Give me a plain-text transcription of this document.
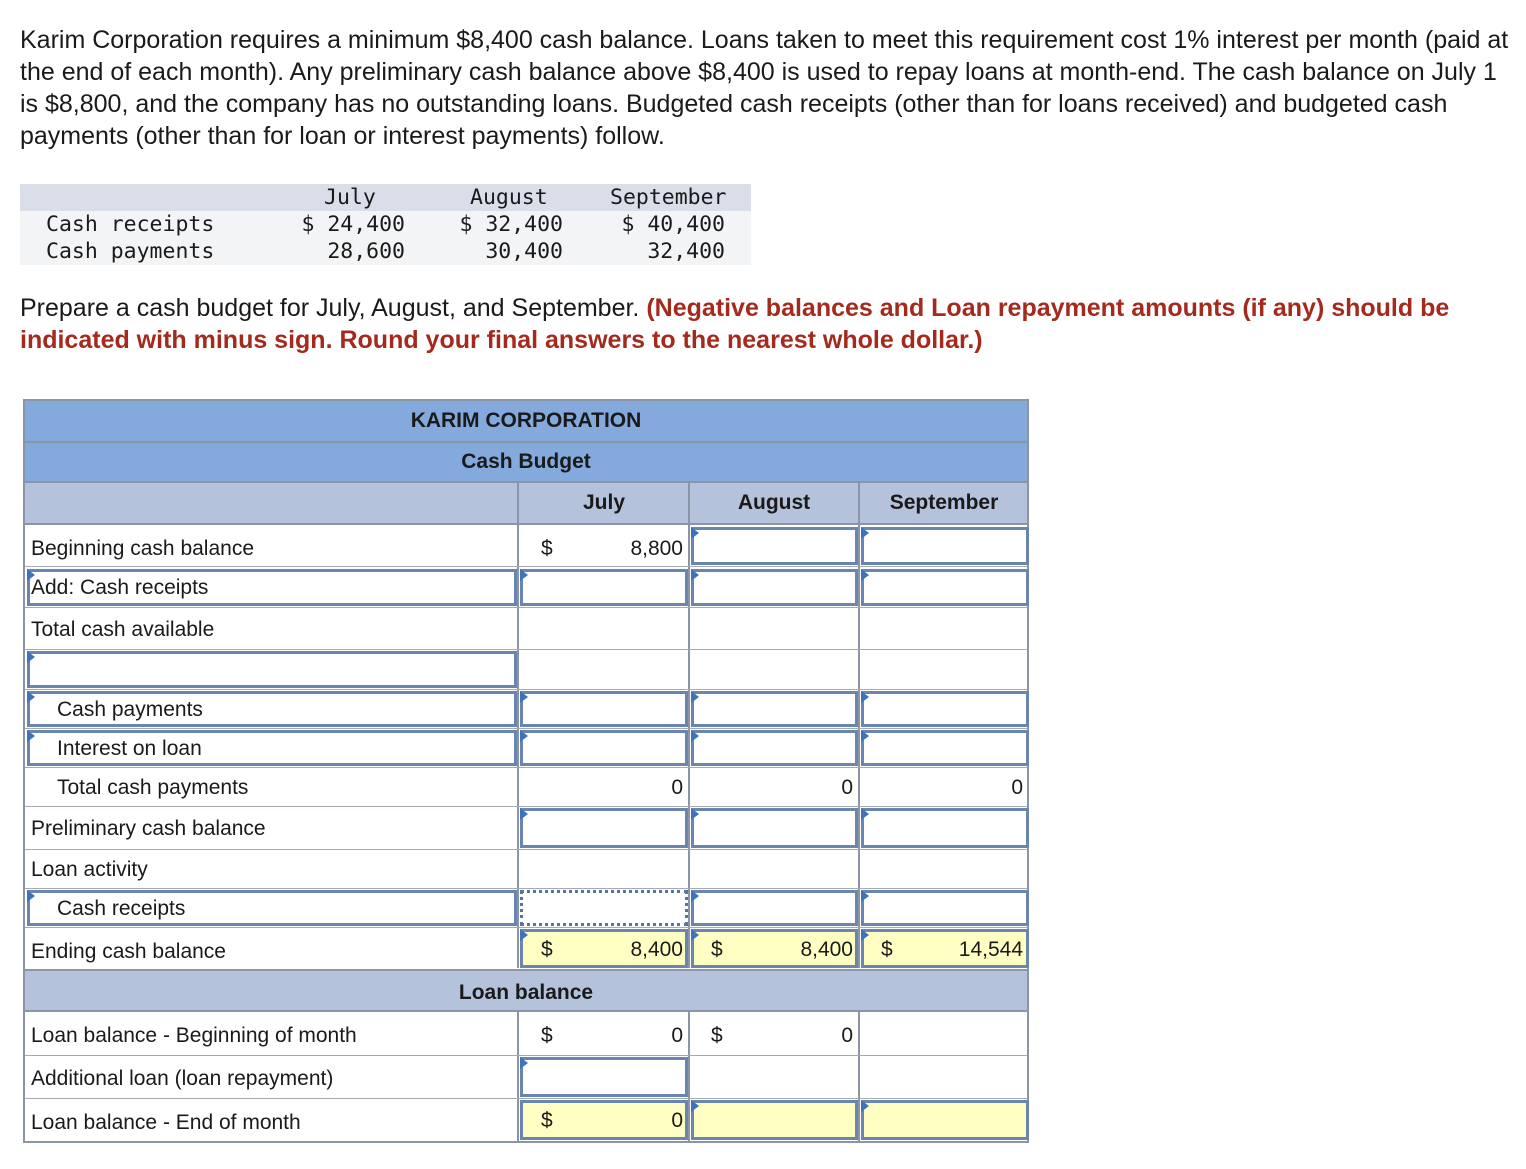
Karim Corporation requires a minimum $8,400 cash balance. Loans taken to meet this requirement cost 1% interest per month (paid at the end of each month). Any preliminary cash balance above $8,400 is used to repay loans at month-end. The cash balance on July 1 is $8,800, and the company has no outstanding loans. Budgeted cash receipts (other than for loans received) and budgeted cash payments (other than for loan or interest payments) follow.

July	August	September
Cash receipts	$ 24,400	$ 32,400	$ 40,400
Cash payments	28,600	30,400	32,400

Prepare a cash budget for July, August, and September. (Negative balances and Loan repayment amounts (if any) should be indicated with minus sign. Round your final answers to the nearest whole dollar.)

KARIM CORPORATION
Cash Budget
July	August	September
Beginning cash balance	$	8,800
Add: Cash receipts
Total cash available
Cash payments
Interest on loan
Total cash payments	0	0	0
Preliminary cash balance
Loan activity
Cash receipts
Ending cash balance	$	8,400 $	8,400 $	14,544
Loan balance
Loan balance - Beginning of month	$	0 $	0
Additional loan (loan repayment)
Loan balance - End of month	$	0
